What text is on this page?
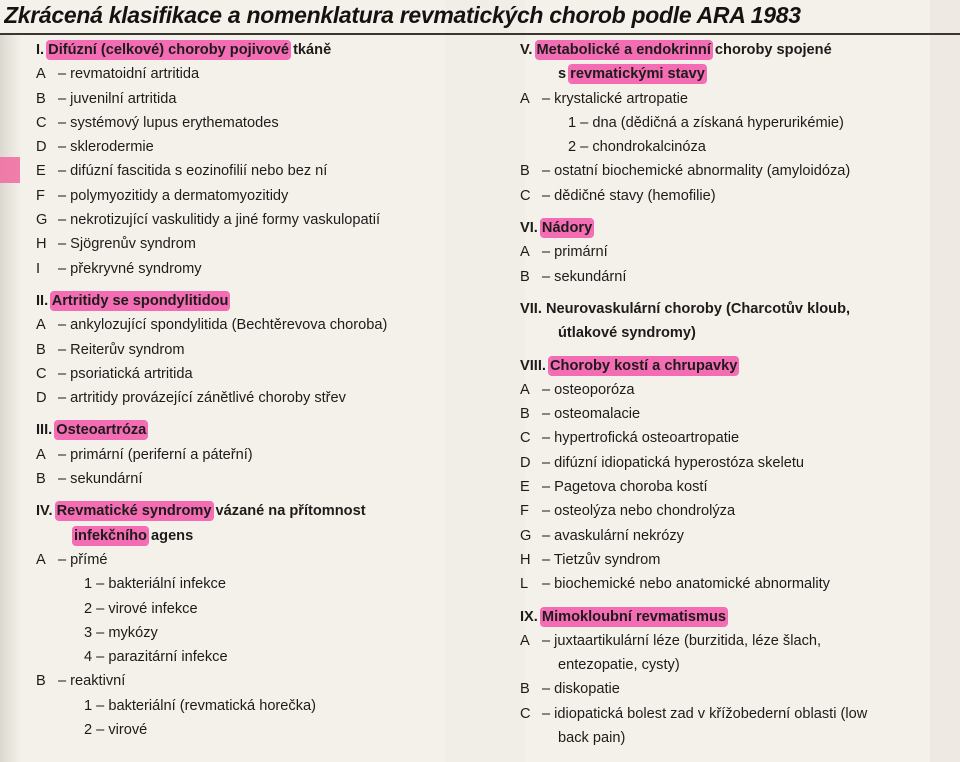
Zkrácená klasifikace a nomenklatura revmatických chorob podle ARA 1983
I. Difúzní (celkové) choroby pojivové tkáně
A – revmatoidní artritida
B – juvenilní artritida
C – systémový lupus erythematodes
D – sklerodermie
E – difúzní fascitida s eozinofilií nebo bez ní
F – polymyozitidy a dermatomyozitidy
G – nekrotizující vaskulitidy a jiné formy vaskulopatií
H – Sjögrenův syndrom
I – překryvné syndromy
II. Artritidy se spondylitidou
A – ankylozující spondylitida (Bechtěrevova choroba)
B – Reiterův syndrom
C – psoriatická artritida
D – artritidy provázející zánětlivé choroby střev
III. Osteoartróza
A – primární (periferní a páteřní)
B – sekundární
IV. Revmatické syndromy vázané na přítomnost
infekčního agens
A – přímé
1 – bakteriální infekce
2 – virové infekce
3 – mykózy
4 – parazitární infekce
B – reaktivní
1 – bakteriální (revmatická horečka)
2 – virové
V. Metabolické a endokrinní choroby spojené
s revmatickými stavy
A – krystalické artropatie
1 – dna (dědičná a získaná hyperurikémie)
2 – chondrokalcinóza
B – ostatní biochemické abnormality (amyloidóza)
C – dědičné stavy (hemofilie)
VI. Nádory
A – primární
B – sekundární
VII. Neurovaskulární choroby (Charcotův kloub,
útlakové syndromy)
VIII. Choroby kostí a chrupavky
A – osteoporóza
B – osteomalacie
C – hypertrofická osteoartropatie
D – difúzní idiopatická hyperostóza skeletu
E – Pagetova choroba kostí
F – osteolýza nebo chondrolýza
G – avaskulární nekrózy
H – Tietzův syndrom
L – biochemické nebo anatomické abnormality
IX. Mimokloubní revmatismus
A – juxtaartikulární léze (burzitida, léze šlach,
entezopatie, cysty)
B – diskopatie
C – idiopatická bolest zad v křížobederní oblasti (low
back pain)
